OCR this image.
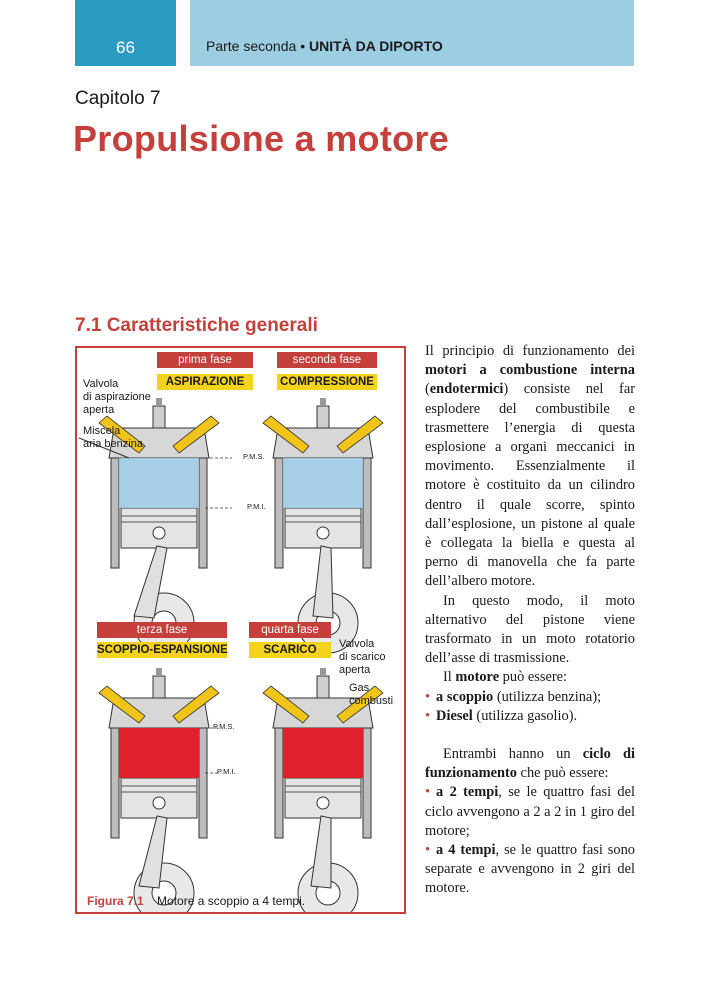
66	Parte seconda • UNITÀ DA DIPORTO
Capitolo 7
Propulsione a motore
7.1 Caratteristiche generali
prima fase
ASPIRAZIONE
seconda fase
COMPRESSIONE
terza fase
SCOPPIO-ESPANSIONE
quarta fase
SCARICO
Valvola
di aspirazione
aperta
Miscela
aria benzina
Valvola
di scarico
aperta
Gas
combusti
P.M.S.
P.M.I.
P.M.S.
P.M.I.
Figura 7.1 Motore a scoppio a 4 tempi.

Il principio di funzionamento dei motori a combustione interna (endotermici) consiste nel far esplodere del combustibile e trasmettere l’energia di questa esplosione a organi meccanici in movimento. Essenzialmente il motore è costituito da un cilindro dentro il quale scorre, spinto dall’esplosione, un pistone al quale è collegata la biella e questa al perno di manovella che fa parte dell’albero motore.

In questo modo, il moto alternativo del pistone viene trasformato in un moto rotatorio dell’asse di trasmissione.

Il motore può essere:

• a scoppio (utilizza benzina);

• Diesel (utilizza gasolio).

Entrambi hanno un ciclo di funzionamento che può essere:

• a 2 tempi, se le quattro fasi del ciclo avvengono a 2 a 2 in 1 giro del motore;

• a 4 tempi, se le quattro fasi sono separate e avvengono in 2 giri del motore.
